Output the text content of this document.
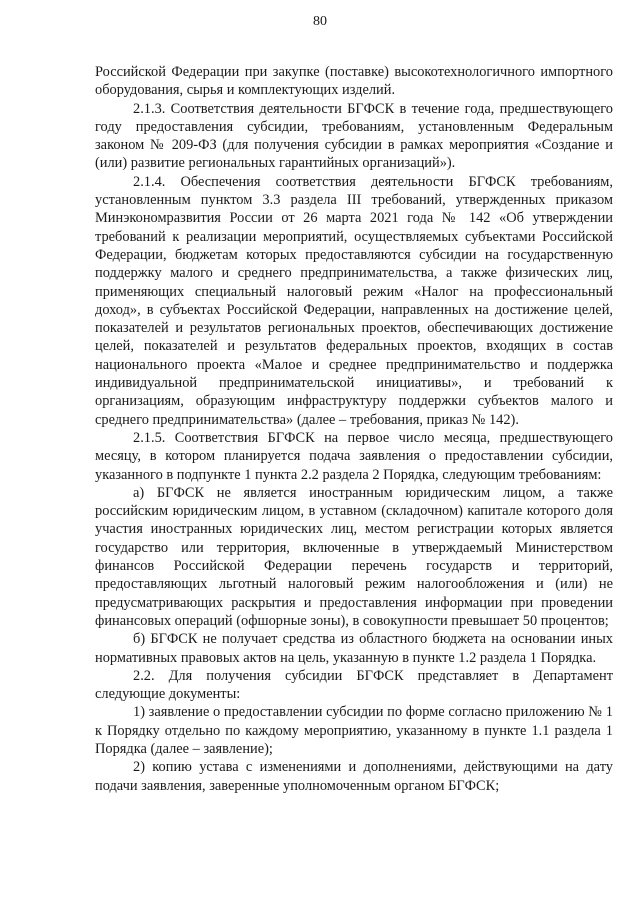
80

Российской Федерации при закупке (поставке) высокотехнологичного импортного оборудования, сырья и комплектующих изделий.

2.1.3. Соответствия деятельности БГФСК в течение года, предшествующего году предоставления субсидии, требованиям, установленным Федеральным законом № 209-ФЗ (для получения субсидии в рамках мероприятия «Создание и (или) развитие региональных гарантийных организаций»).

2.1.4. Обеспечения соответствия деятельности БГФСК требованиям, установленным пунктом 3.3 раздела III требований, утвержденных приказом Минэкономразвития России от 26 марта 2021 года № 142 «Об утверждении требований к реализации мероприятий, осуществляемых субъектами Российской Федерации, бюджетам которых предоставляются субсидии на государственную поддержку малого и среднего предпринимательства, а также физических лиц, применяющих специальный налоговый режим «Налог на профессиональный доход», в субъектах Российской Федерации, направленных на достижение целей, показателей и результатов региональных проектов, обеспечивающих достижение целей, показателей и результатов федеральных проектов, входящих в состав национального проекта «Малое и среднее предпринимательство и поддержка индивидуальной предпринимательской инициативы», и требований к организациям, образующим инфраструктуру поддержки субъектов малого и среднего предпринимательства» (далее – требования, приказ № 142).

2.1.5. Соответствия БГФСК на первое число месяца, предшествующего месяцу, в котором планируется подача заявления о предоставлении субсидии, указанного в подпункте 1 пункта 2.2 раздела 2 Порядка, следующим требованиям:

а) БГФСК не является иностранным юридическим лицом, а также российским юридическим лицом, в уставном (складочном) капитале которого доля участия иностранных юридических лиц, местом регистрации которых является государство или территория, включенные в утверждаемый Министерством финансов Российской Федерации перечень государств и территорий, предоставляющих льготный налоговый режим налогообложения и (или) не предусматривающих раскрытия и предоставления информации при проведении финансовых операций (офшорные зоны), в совокупности превышает 50 процентов;

б) БГФСК не получает средства из областного бюджета на основании иных нормативных правовых актов на цель, указанную в пункте 1.2 раздела 1 Порядка.

2.2. Для получения субсидии БГФСК представляет в Департамент следующие документы:

1) заявление о предоставлении субсидии по форме согласно приложению № 1 к Порядку отдельно по каждому мероприятию, указанному в пункте 1.1 раздела 1 Порядка (далее – заявление);

2) копию устава с изменениями и дополнениями, действующими на дату подачи заявления, заверенные уполномоченным органом БГФСК;
